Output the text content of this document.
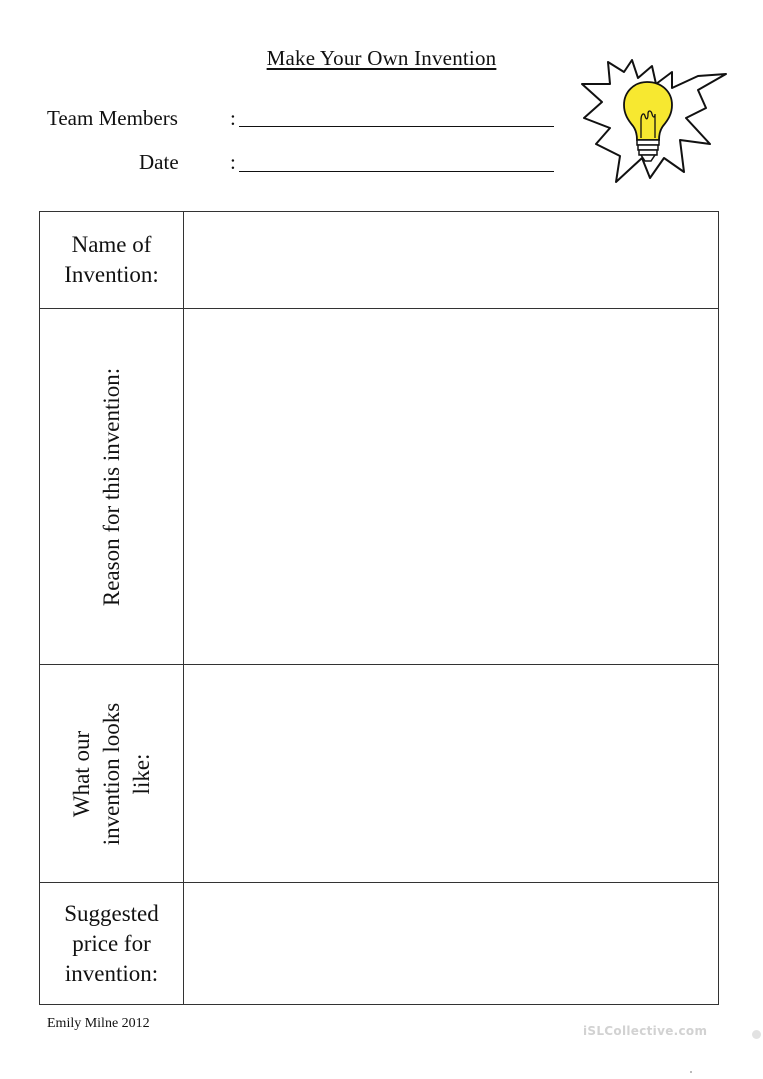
Make Your Own Invention
Team Members :
Date :
Name of
Invention:	

Reason for this invention:	

What our invention looks like:	

Suggested
price for
invention:	

Emily Milne 2012	iSLCollective.com
